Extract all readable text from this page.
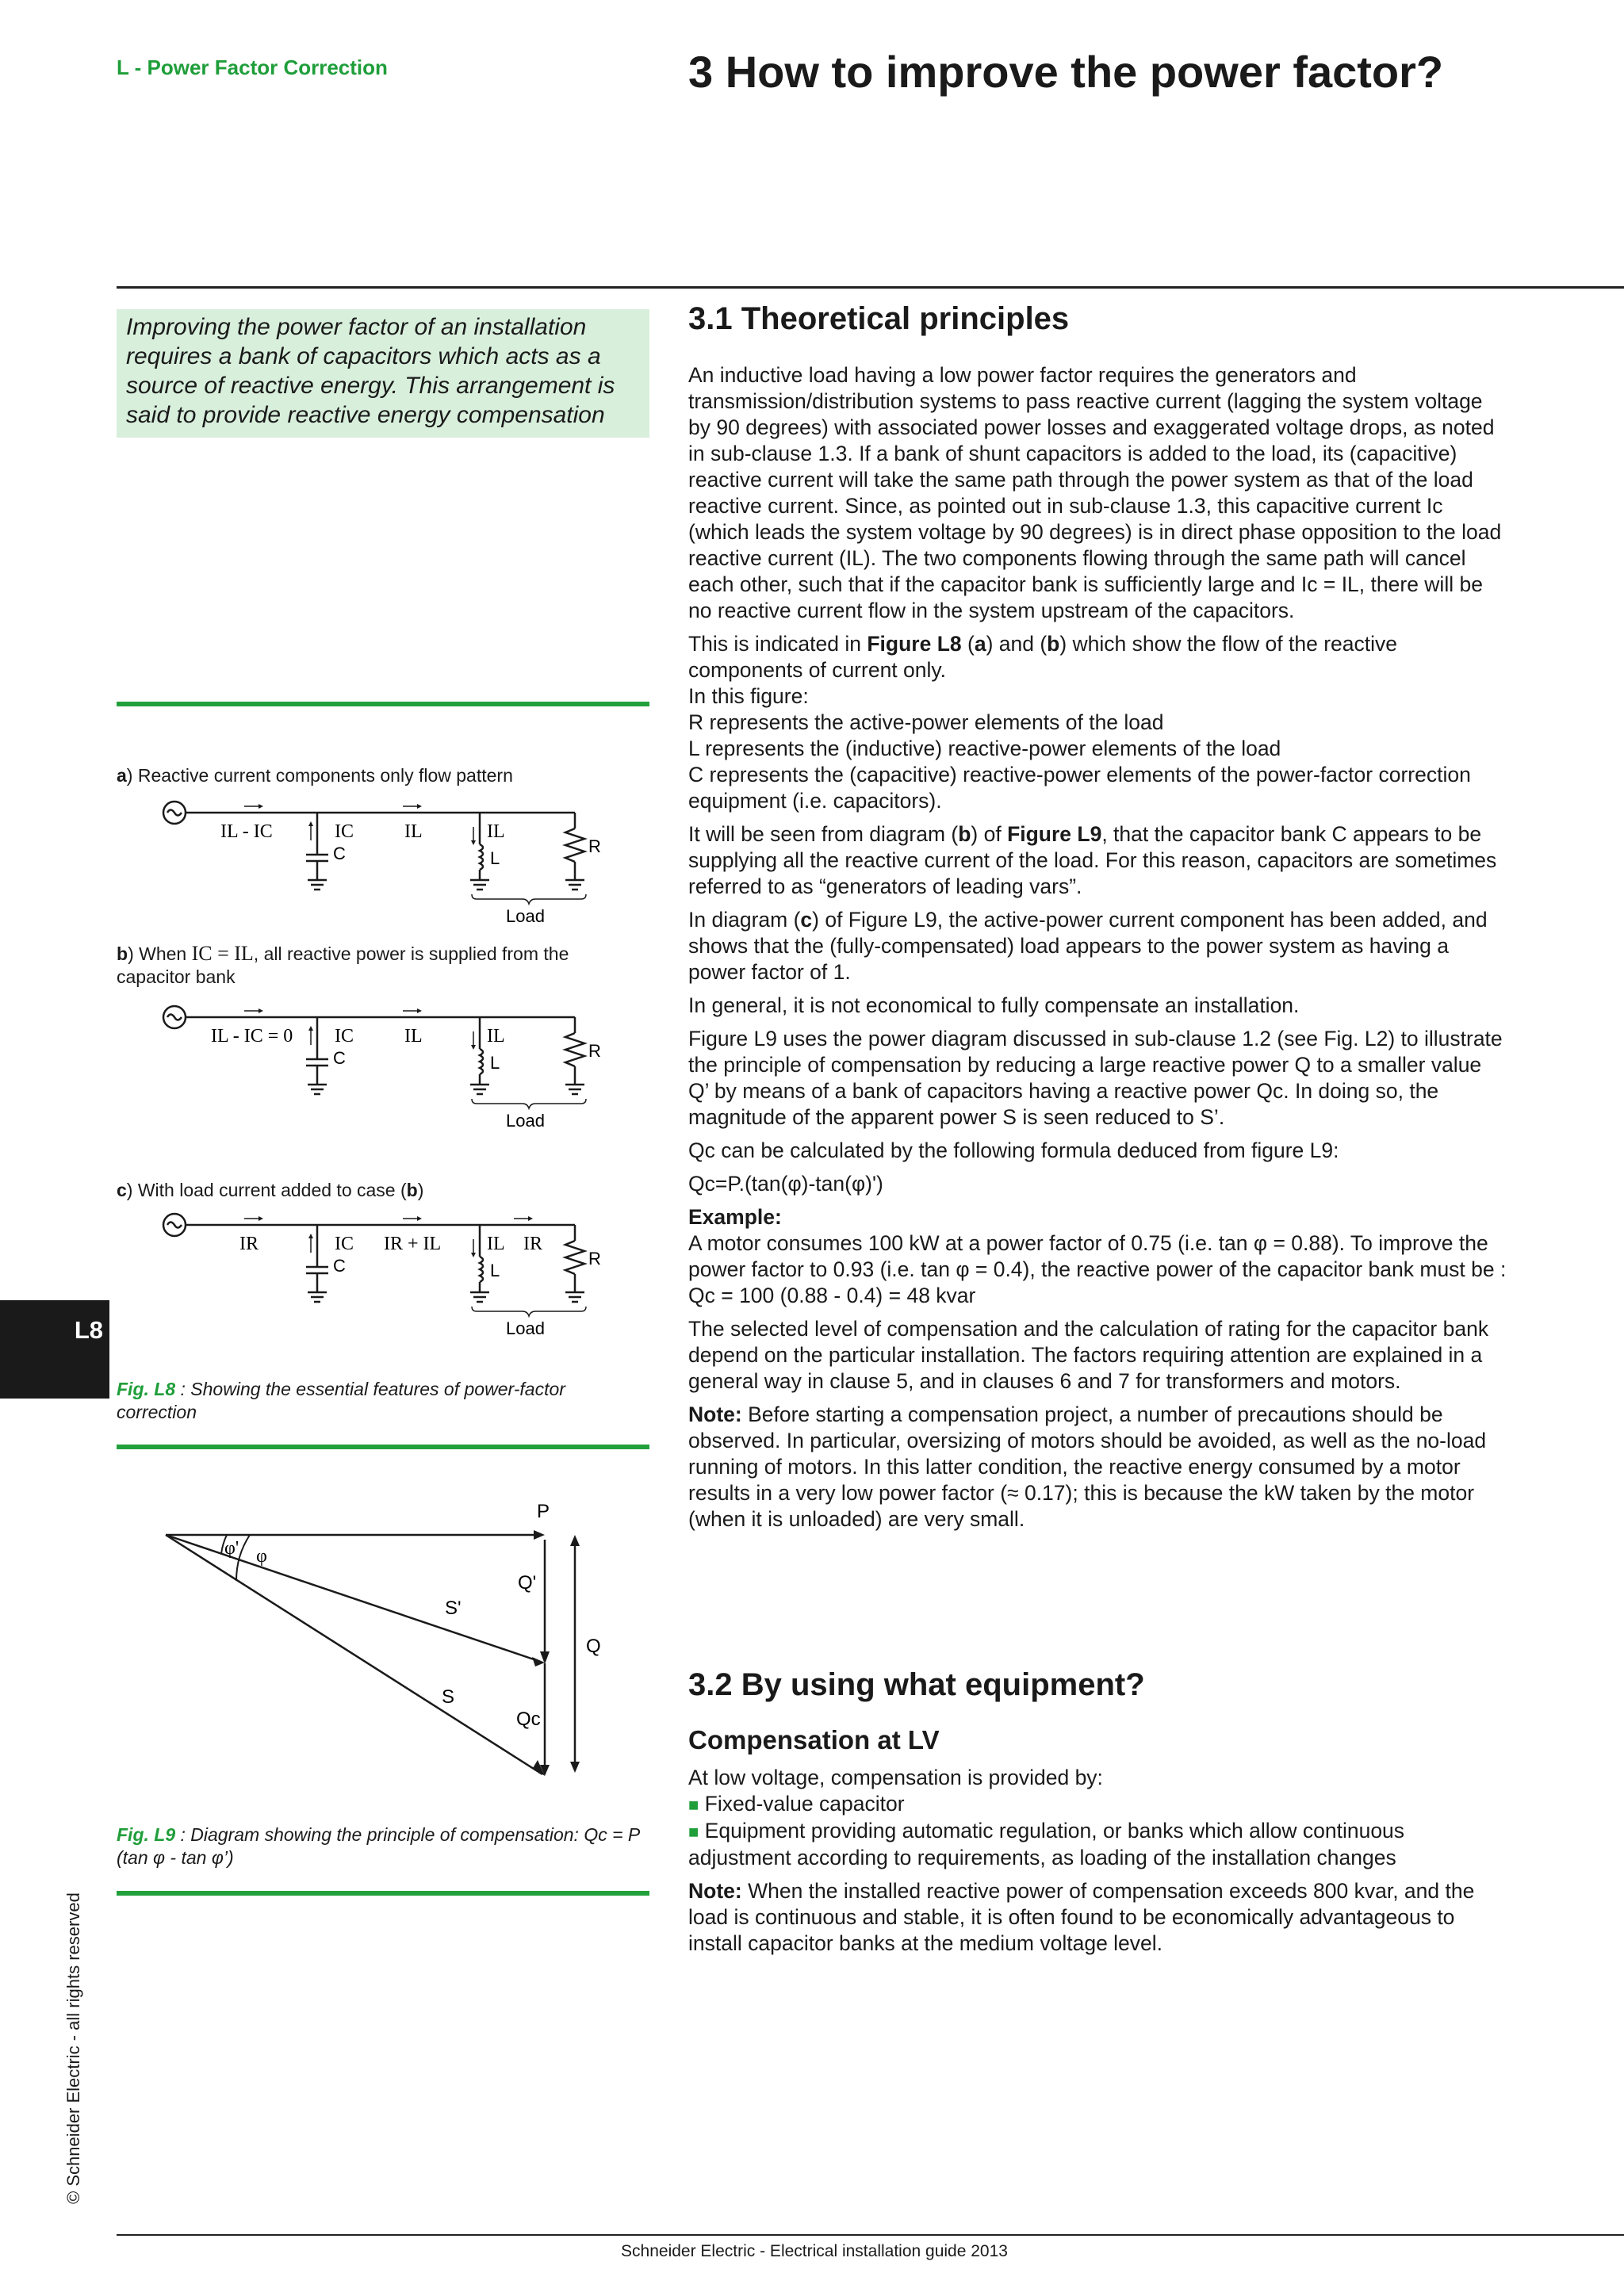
L - Power Factor Correction	3 How to improve the power factor?
Improving the power factor of an installation requires a bank of capacitors which acts as a source of reactive energy. This arrangement is said to provide reactive energy compensation
a) Reactive current components only flow pattern
IL - IC	IC	IL	IL
C	L
R
Load
b) When IC = IL, all reactive power is supplied from the capacitor bank
IL - IC = 0 IC	IL	IL
C	L
R
Load
c) With load current added to case (b)
IR	IC IR + IL IL IR
C	L
R
Load
Fig. L8 : Showing the essential features of power-factor correction
P
Q'
S'
Q
S
Qc
φ' φ
Fig. L9 : Diagram showing the principle of compensation: Qc = P (tan φ - tan φ’)
3.1 Theoretical principles

An inductive load having a low power factor requires the generators and transmission/distribution systems to pass reactive current (lagging the system voltage by 90 degrees) with associated power losses and exaggerated voltage drops, as noted in sub-clause 1.3. If a bank of shunt capacitors is added to the load, its (capacitive) reactive current will take the same path through the power system as that of the load reactive current. Since, as pointed out in sub-clause 1.3, this capacitive current Ic (which leads the system voltage by 90 degrees) is in direct phase opposition to the load reactive current (IL). The two components flowing through the same path will cancel each other, such that if the capacitor bank is sufficiently large and Ic = IL, there will be no reactive current flow in the system upstream of the capacitors.

This is indicated in Figure L8 (a) and (b) which show the flow of the reactive components of current only.
In this figure:
R represents the active-power elements of the load
L represents the (inductive) reactive-power elements of the load
C represents the (capacitive) reactive-power elements of the power-factor correction equipment (i.e. capacitors).

It will be seen from diagram (b) of Figure L9, that the capacitor bank C appears to be supplying all the reactive current of the load. For this reason, capacitors are sometimes referred to as “generators of leading vars”.

In diagram (c) of Figure L9, the active-power current component has been added, and shows that the (fully-compensated) load appears to the power system as having a power factor of 1.

In general, it is not economical to fully compensate an installation.

Figure L9 uses the power diagram discussed in sub-clause 1.2 (see Fig. L2) to illustrate the principle of compensation by reducing a large reactive power Q to a smaller value Q’ by means of a bank of capacitors having a reactive power Qc. In doing so, the magnitude of the apparent power S is seen reduced to S’.

Qc can be calculated by the following formula deduced from figure L9:

Qc=P.(tan(φ)-tan(φ)')

Example:

A motor consumes 100 kW at a power factor of 0.75 (i.e. tan φ = 0.88). To improve the power factor to 0.93 (i.e. tan φ = 0.4), the reactive power of the capacitor bank must be : Qc = 100 (0.88 - 0.4) = 48 kvar

The selected level of compensation and the calculation of rating for the capacitor bank depend on the particular installation. The factors requiring attention are explained in a general way in clause 5, and in clauses 6 and 7 for transformers and motors.

Note: Before starting a compensation project, a number of precautions should be observed. In particular, oversizing of motors should be avoided, as well as the no-load running of motors. In this latter condition, the reactive energy consumed by a motor results in a very low power factor (≈ 0.17); this is because the kW taken by the motor (when it is unloaded) are very small.

3.2 By using what equipment?
Compensation at LV

At low voltage, compensation is provided by:

■ Fixed-value capacitor

■ Equipment providing automatic regulation, or banks which allow continuous adjustment according to requirements, as loading of the installation changes

Note: When the installed reactive power of compensation exceeds 800 kvar, and the load is continuous and stable, it is often found to be economically advantageous to install capacitor banks at the medium voltage level.

L8
© Schneider Electric - all rights reserved
Schneider Electric - Electrical installation guide 2013
